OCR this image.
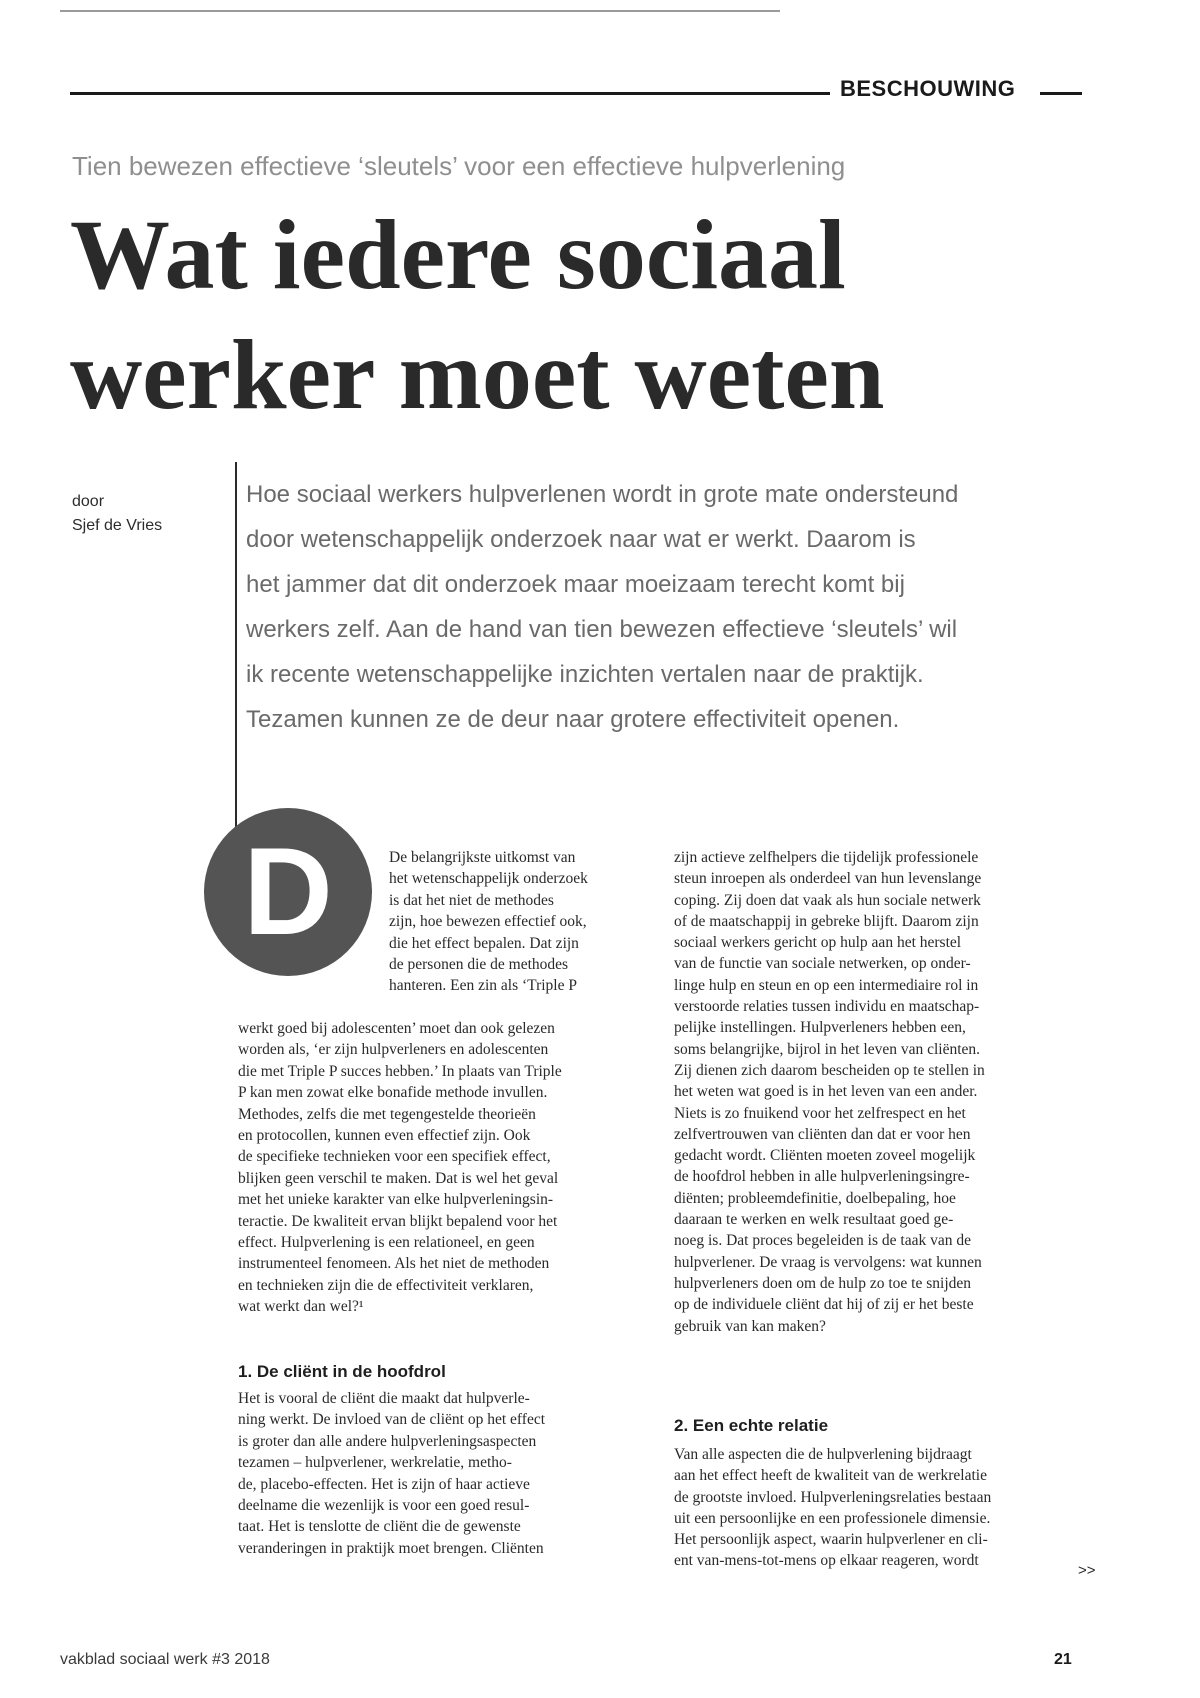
BESCHOUWING
Tien bewezen effectieve ‘sleutels’ voor een effectieve hulpverlening
Wat iedere sociaal
werker moet weten
door
Sjef de Vries
Hoe sociaal werkers hulpverlenen wordt in grote mate ondersteund
door wetenschappelijk onderzoek naar wat er werkt. Daarom is
het jammer dat dit onderzoek maar moeizaam terecht komt bij
werkers zelf. Aan de hand van tien bewezen effectieve ‘sleutels’ wil
ik recente wetenschappelijke inzichten vertalen naar de praktijk.
Tezamen kunnen ze de deur naar grotere effectiviteit openen.
D	De belangrijkste uitkomst van
het wetenschappelijk onderzoek
is dat het niet de methodes
zijn, hoe bewezen effectief ook,
die het effect bepalen. Dat zijn
de personen die de methodes
hanteren. Een zin als ‘Triple P
werkt goed bij adolescenten’ moet dan ook gelezen
worden als, ‘er zijn hulpverleners en adolescenten
die met Triple P succes hebben.’ In plaats van Triple
P kan men zowat elke bonafide methode invullen.
Methodes, zelfs die met tegengestelde theorieën
en protocollen, kunnen even effectief zijn. Ook
de specifieke technieken voor een specifiek effect,
blijken geen verschil te maken. Dat is wel het geval
met het unieke karakter van elke hulpverleningsin-
teractie. De kwaliteit ervan blijkt bepalend voor het
effect. Hulpverlening is een relationeel, en geen
instrumenteel fenomeen. Als het niet de methoden
en technieken zijn die de effectiviteit verklaren,
wat werkt dan wel?¹
1. De cliënt in de hoofdrol
Het is vooral de cliënt die maakt dat hulpverle-
ning werkt. De invloed van de cliënt op het effect
is groter dan alle andere hulpverleningsaspecten
tezamen – hulpverlener, werkrelatie, metho-
de, placebo-effecten. Het is zijn of haar actieve
deelname die wezenlijk is voor een goed resul-
taat. Het is tenslotte de cliënt die de gewenste
veranderingen in praktijk moet brengen. Cliënten
zijn actieve zelfhelpers die tijdelijk professionele
steun inroepen als onderdeel van hun levenslange
coping. Zij doen dat vaak als hun sociale netwerk
of de maatschappij in gebreke blijft. Daarom zijn
sociaal werkers gericht op hulp aan het herstel
van de functie van sociale netwerken, op onder-
linge hulp en steun en op een intermediaire rol in
verstoorde relaties tussen individu en maatschap-
pelijke instellingen. Hulpverleners hebben een,
soms belangrijke, bijrol in het leven van cliënten.
Zij dienen zich daarom bescheiden op te stellen in
het weten wat goed is in het leven van een ander.
Niets is zo fnuikend voor het zelfrespect en het
zelfvertrouwen van cliënten dan dat er voor hen
gedacht wordt. Cliënten moeten zoveel mogelijk
de hoofdrol hebben in alle hulpverleningsingre-
diënten; probleemdefinitie, doelbepaling, hoe
daaraan te werken en welk resultaat goed ge-
noeg is. Dat proces begeleiden is de taak van de
hulpverlener. De vraag is vervolgens: wat kunnen
hulpverleners doen om de hulp zo toe te snijden
op de individuele cliënt dat hij of zij er het beste
gebruik van kan maken?
2. Een echte relatie
Van alle aspecten die de hulpverlening bijdraagt
aan het effect heeft de kwaliteit van de werkrelatie
de grootste invloed. Hulpverleningsrelaties bestaan
uit een persoonlijke en een professionele dimensie.
Het persoonlijk aspect, waarin hulpverlener en cli-
ent van-mens-tot-mens op elkaar reageren, wordt
>>
vakblad sociaal werk #3 2018	21
